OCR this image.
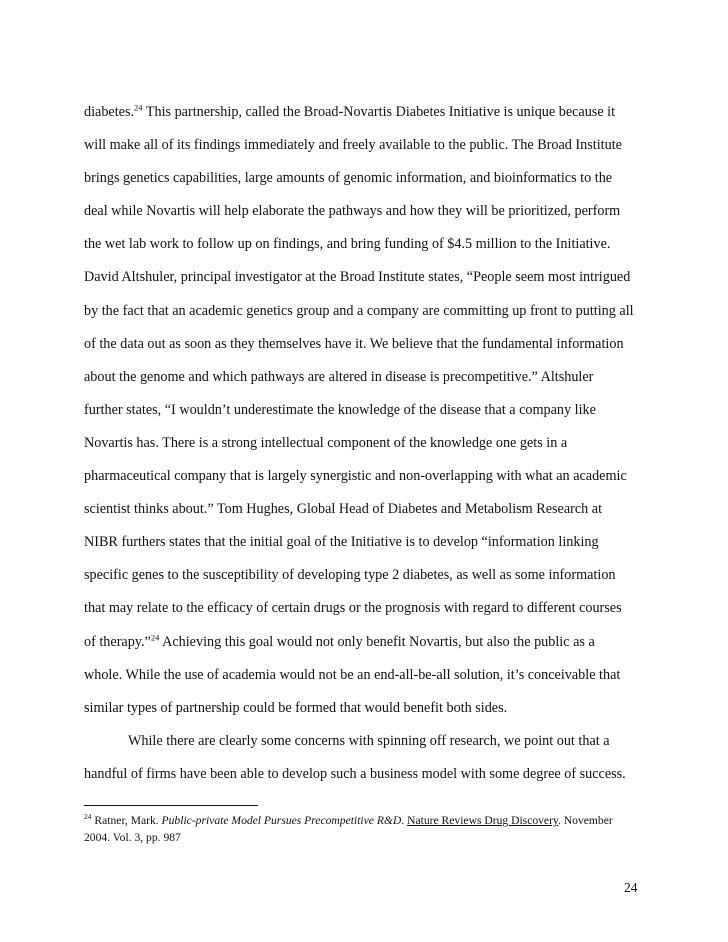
diabetes.$^{24}$ This partnership, called the Broad-Novartis Diabetes Initiative is unique because it
will make all of its findings immediately and freely available to the public. The Broad Institute
brings genetics capabilities, large amounts of genomic information, and bioinformatics to the
deal while Novartis will help elaborate the pathways and how they will be prioritized, perform
the wet lab work to follow up on findings, and bring funding of $4.5 million to the Initiative.
David Altshuler, principal investigator at the Broad Institute states, “People seem most intrigued
by the fact that an academic genetics group and a company are committing up front to putting all
of the data out as soon as they themselves have it. We believe that the fundamental information
about the genome and which pathways are altered in disease is precompetitive.” Altshuler
further states, “I wouldn’t underestimate the knowledge of the disease that a company like
Novartis has. There is a strong intellectual component of the knowledge one gets in a
pharmaceutical company that is largely synergistic and non-overlapping with what an academic
scientist thinks about.” Tom Hughes, Global Head of Diabetes and Metabolism Research at
NIBR furthers states that the initial goal of the Initiative is to develop “information linking
specific genes to the susceptibility of developing type 2 diabetes, as well as some information
that may relate to the efficacy of certain drugs or the prognosis with regard to different courses
of therapy.”$^{24}$ Achieving this goal would not only benefit Novartis, but also the public as a
whole. While the use of academia would not be an end-all-be-all solution, it’s conceivable that
similar types of partnership could be formed that would benefit both sides.
While there are clearly some concerns with spinning off research, we point out that a
handful of firms have been able to develop such a business model with some degree of success.
$^{24}$ Ratner, Mark. Public-private Model Pursues Precompetitive R&D. Nature Reviews Drug Discovery. November
2004. Vol. 3, pp. 987
24
